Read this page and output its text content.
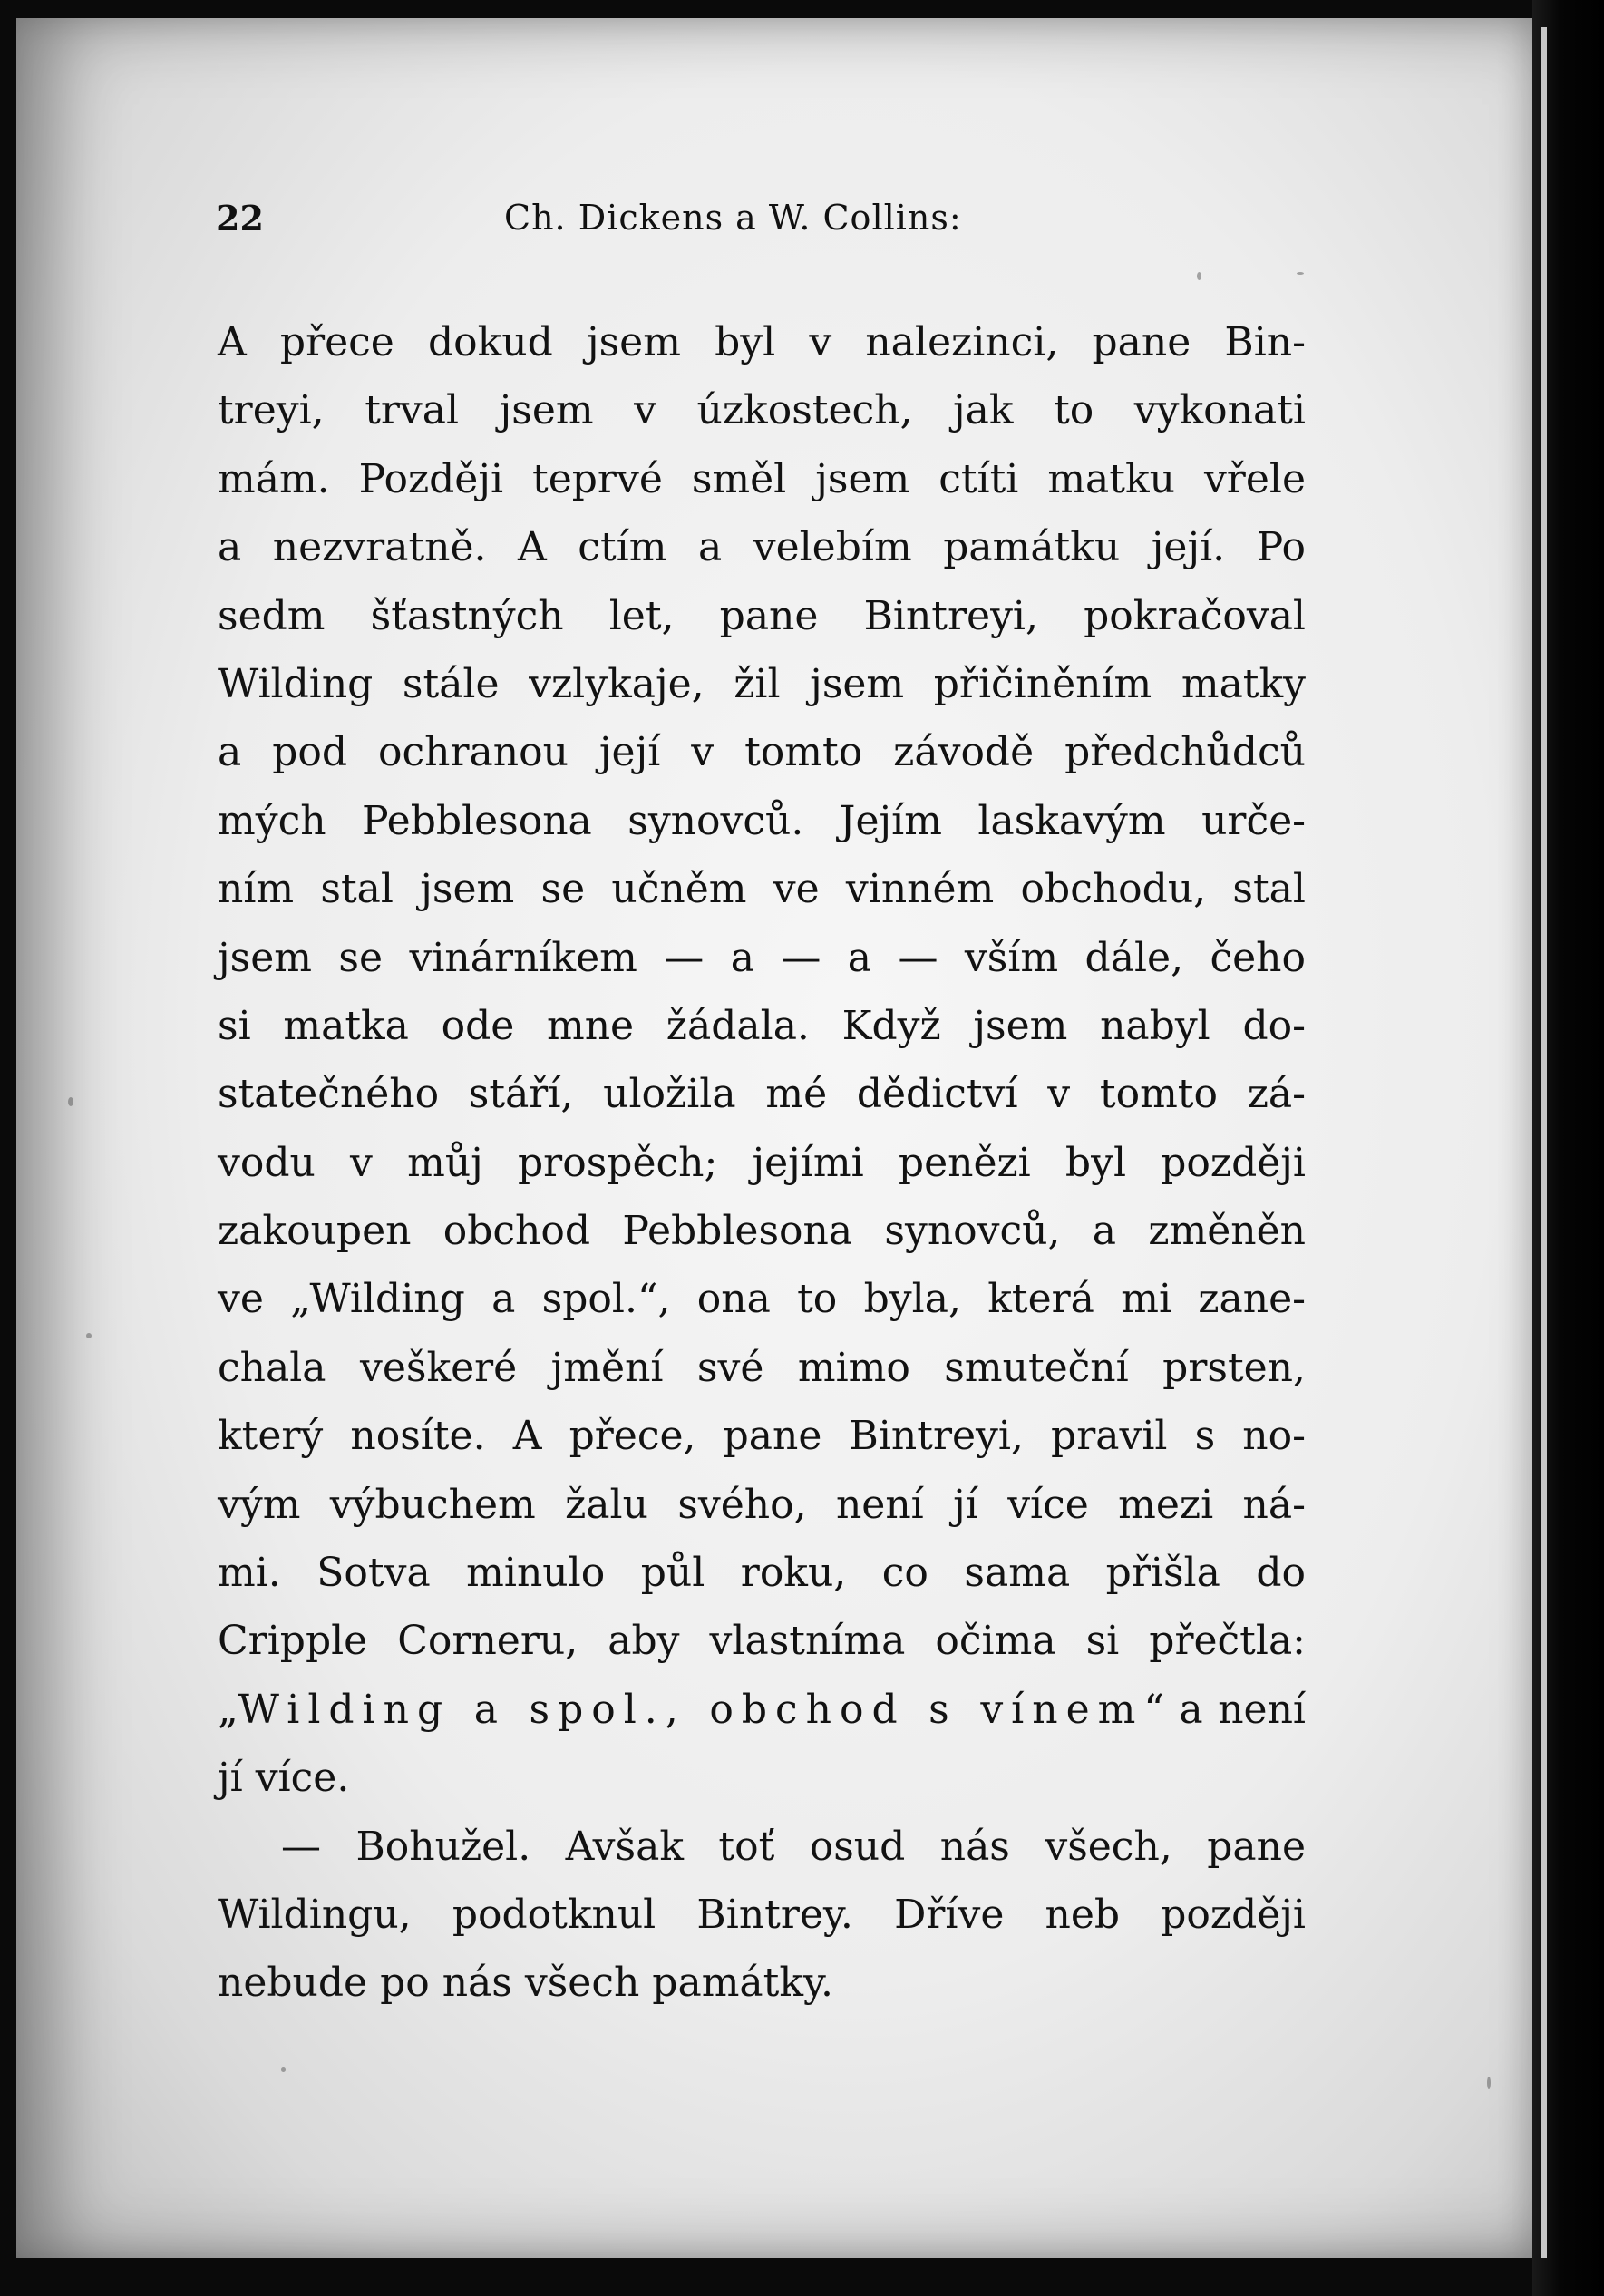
22	Ch. Dickens a W. Collins:
A přece dokud jsem byl v nalezinci, pane Bin-
treyi, trval jsem v úzkostech, jak to vykonati
mám. Později teprvé směl jsem ctíti matku vřele
a nezvratně. A ctím a velebím památku její. Po
sedm šťastných let, pane Bintreyi, pokračoval
Wilding stále vzlykaje, žil jsem přičiněním matky
a pod ochranou její v tomto závodě předchůdců
mých Pebblesona synovců. Jejím laskavým urče-
ním stal jsem se učněm ve vinném obchodu, stal
jsem se vinárníkem — a — a — vším dále, čeho
si matka ode mne žádala. Když jsem nabyl do-
statečného stáří, uložila mé dědictví v tomto zá-
vodu v můj prospěch; jejími penězi byl později
zakoupen obchod Pebblesona synovců, a změněn
ve „Wilding a spol.“, ona to byla, která mi zane-
chala veškeré jmění své mimo smuteční prsten,
který nosíte. A přece, pane Bintreyi, pravil s no-
vým výbuchem žalu svého, není jí více mezi ná-
mi. Sotva minulo půl roku, co sama přišla do
Cripple Corneru, aby vlastníma očima si přečtla:
„Wilding a spol., obchod s vínem“ a není
jí více.
— Bohužel. Avšak toť osud nás všech, pane
Wildingu, podotknul Bintrey. Dříve neb později
nebude po nás všech památky.
